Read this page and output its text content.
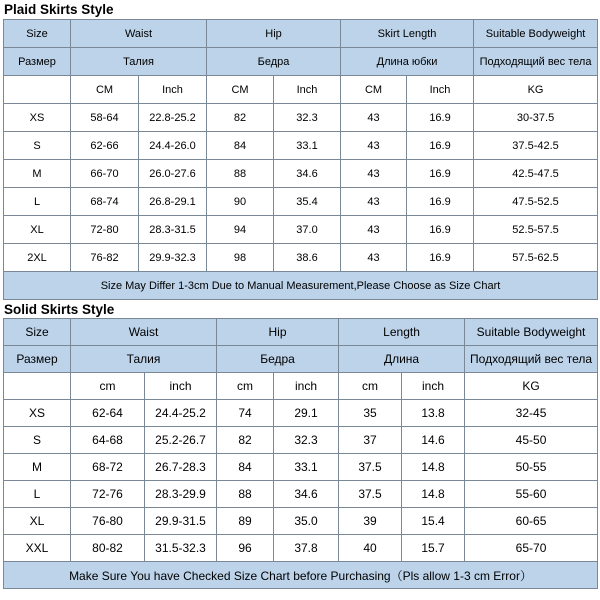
Plaid Skirts Style
Size	Waist		Hip		Skirt Length		Suitable Bodyweight
Размер	Талия		Бедра		Длина юбки		Подходящий вес тела
	CM	Inch	CM	Inch	CM	Inch	KG
XS	58-64	22.8-25.2	82	32.3	43	16.9	30-37.5
S	62-66	24.4-26.0	84	33.1	43	16.9	37.5-42.5
M	66-70	26.0-27.6	88	34.6	43	16.9	42.5-47.5
L	68-74	26.8-29.1	90	35.4	43	16.9	47.5-52.5
XL	72-80	28.3-31.5	94	37.0	43	16.9	52.5-57.5
2XL	76-82	29.9-32.3	98	38.6	43	16.9	57.5-62.5
Size May Differ 1-3cm Due to Manual Measurement,Please Choose as Size Chart							
Solid Skirts Style
Size	Waist		Hip		Length		Suitable Bodyweight
Размер	Талия		Бедра		Длина		Подходящий вес тела
	cm	inch	cm	inch	cm	inch	KG
XS	62-64	24.4-25.2	74	29.1	35	13.8	32-45
S	64-68	25.2-26.7	82	32.3	37	14.6	45-50
M	68-72	26.7-28.3	84	33.1	37.5	14.8	50-55
L	72-76	28.3-29.9	88	34.6	37.5	14.8	55-60
XL	76-80	29.9-31.5	89	35.0	39	15.4	60-65
XXL	80-82	31.5-32.3	96	37.8	40	15.7	65-70
Make Sure You have Checked Size Chart before Purchasing（Pls allow 1-3 cm Error）							
